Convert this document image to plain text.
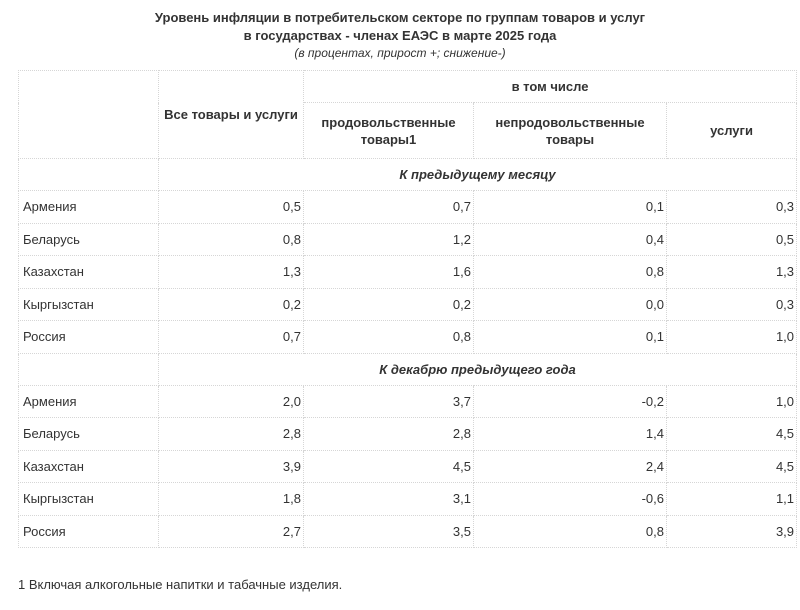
Уровень инфляции в потребительском секторе по группам товаров и услуг
в государствах - членах ЕАЭС в марте 2025 года
(в процентах, прирост +; снижение-)
	Все товары и услуги	в том числе		
		продовольственные товары1	непродовольственные товары	услуги
	К предыдущему месяцу			
Армения	0,5	0,7	0,1	0,3
Беларусь	0,8	1,2	0,4	0,5
Казахстан	1,3	1,6	0,8	1,3
Кыргызстан	0,2	0,2	0,0	0,3
Россия	0,7	0,8	0,1	1,0
	К декабрю предыдущего года			
Армения	2,0	3,7	-0,2	1,0
Беларусь	2,8	2,8	1,4	4,5
Казахстан	3,9	4,5	2,4	4,5
Кыргызстан	1,8	3,1	-0,6	1,1
Россия	2,7	3,5	0,8	3,9
1 Включая алкогольные напитки и табачные изделия.
